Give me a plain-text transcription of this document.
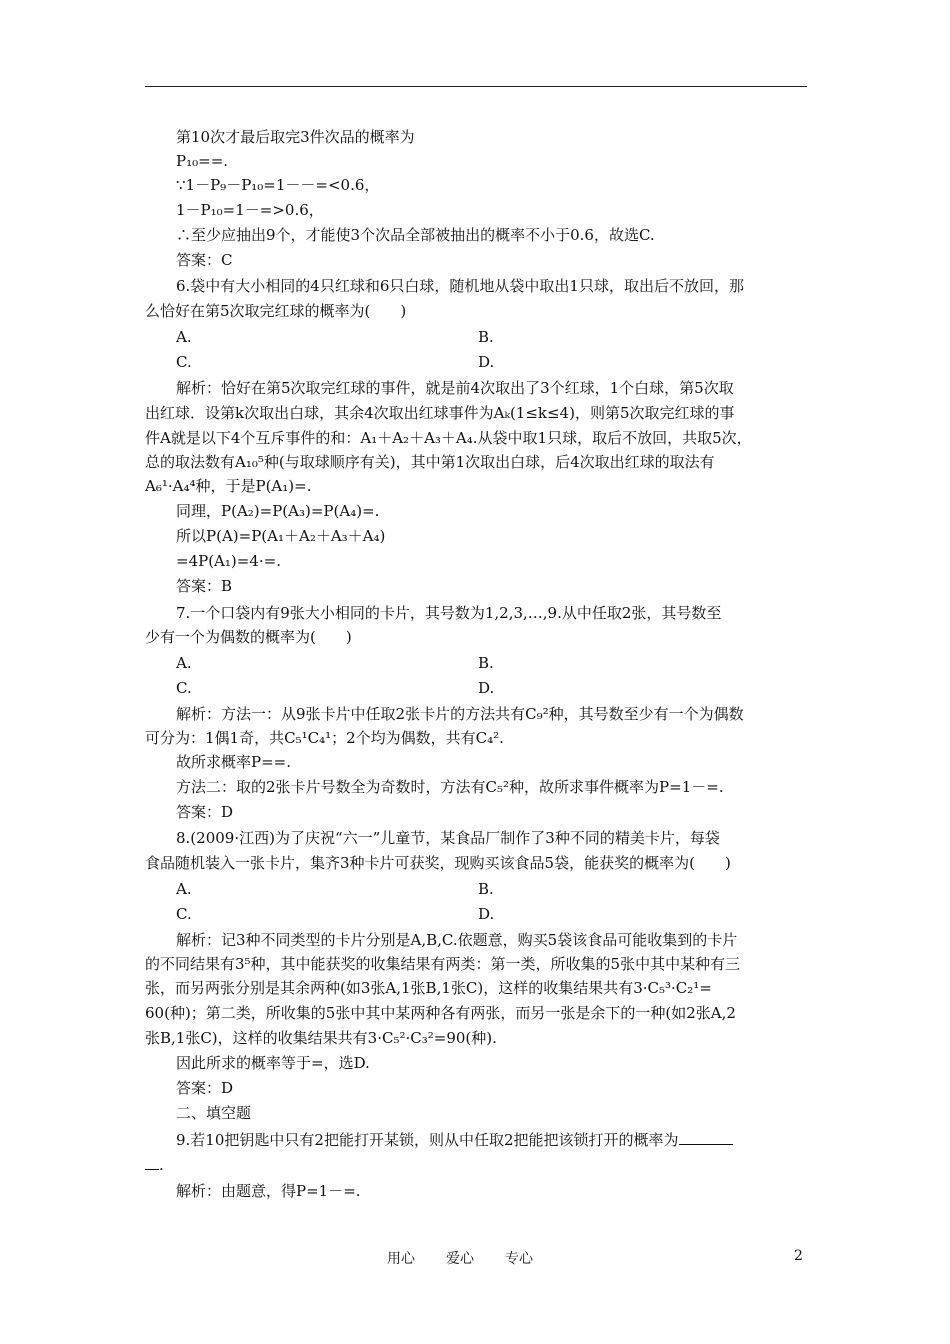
第10次才最后取完3件次品的概率为
P₁₀==.
∵1－P₉－P₁₀=1－－=<0.6，
1－P₁₀=1－=>0.6，
∴至少应抽出9个，才能使3个次品全部被抽出的概率不小于0.6，故选C.
答案：C
6.袋中有大小相同的4只红球和6只白球，随机地从袋中取出1只球，取出后不放回，那
么恰好在第5次取完红球的概率为(　　)
A.	B.
C.	D.
解析：恰好在第5次取完红球的事件，就是前4次取出了3个红球，1个白球，第5次取
出红球．设第k次取出白球，其余4次取出红球事件为Aₖ(1≤k≤4)，则第5次取完红球的事
件A就是以下4个互斥事件的和：A₁＋A₂＋A₃＋A₄.从袋中取1只球，取后不放回，共取5次，
总的取法数有A₁₀⁵种(与取球顺序有关)，其中第1次取出白球，后4次取出红球的取法有
A₆¹·A₄⁴种，于是P(A₁)=.
同理，P(A₂)=P(A₃)=P(A₄)=.
所以P(A)=P(A₁＋A₂＋A₃＋A₄)
=4P(A₁)=4·=.
答案：B
7.一个口袋内有9张大小相同的卡片，其号数为1,2,3,…,9.从中任取2张，其号数至
少有一个为偶数的概率为(　　)
A.	B.
C.	D.
解析：方法一：从9张卡片中任取2张卡片的方法共有C₉²种，其号数至少有一个为偶数
可分为：1偶1奇，共C₅¹C₄¹；2个均为偶数，共有C₄².
故所求概率P==.
方法二：取的2张卡片号数全为奇数时，方法有C₅²种，故所求事件概率为P=1－=.
答案：D
8.(2009·江西)为了庆祝“六一”儿童节，某食品厂制作了3种不同的精美卡片，每袋
食品随机装入一张卡片，集齐3种卡片可获奖，现购买该食品5袋，能获奖的概率为(　　)
A.	B.
C.	D.
解析：记3种不同类型的卡片分别是A,B,C.依题意，购买5袋该食品可能收集到的卡片
的不同结果有3⁵种，其中能获奖的收集结果有两类：第一类，所收集的5张中其中某种有三
张，而另两张分别是其余两种(如3张A,1张B,1张C)，这样的收集结果共有3·C₅³·C₂¹=
60(种)；第二类，所收集的5张中其中某两种各有两张，而另一张是余下的一种(如2张A,2
张B,1张C)，这样的收集结果共有3·C₅²·C₃²=90(种).
因此所求的概率等于=，选D.
答案：D
二、填空题
9.若10把钥匙中只有2把能打开某锁，则从中任取2把能把该锁打开的概率为
.
解析：由题意，得P=1－=.
用心 爱心 专心	2
